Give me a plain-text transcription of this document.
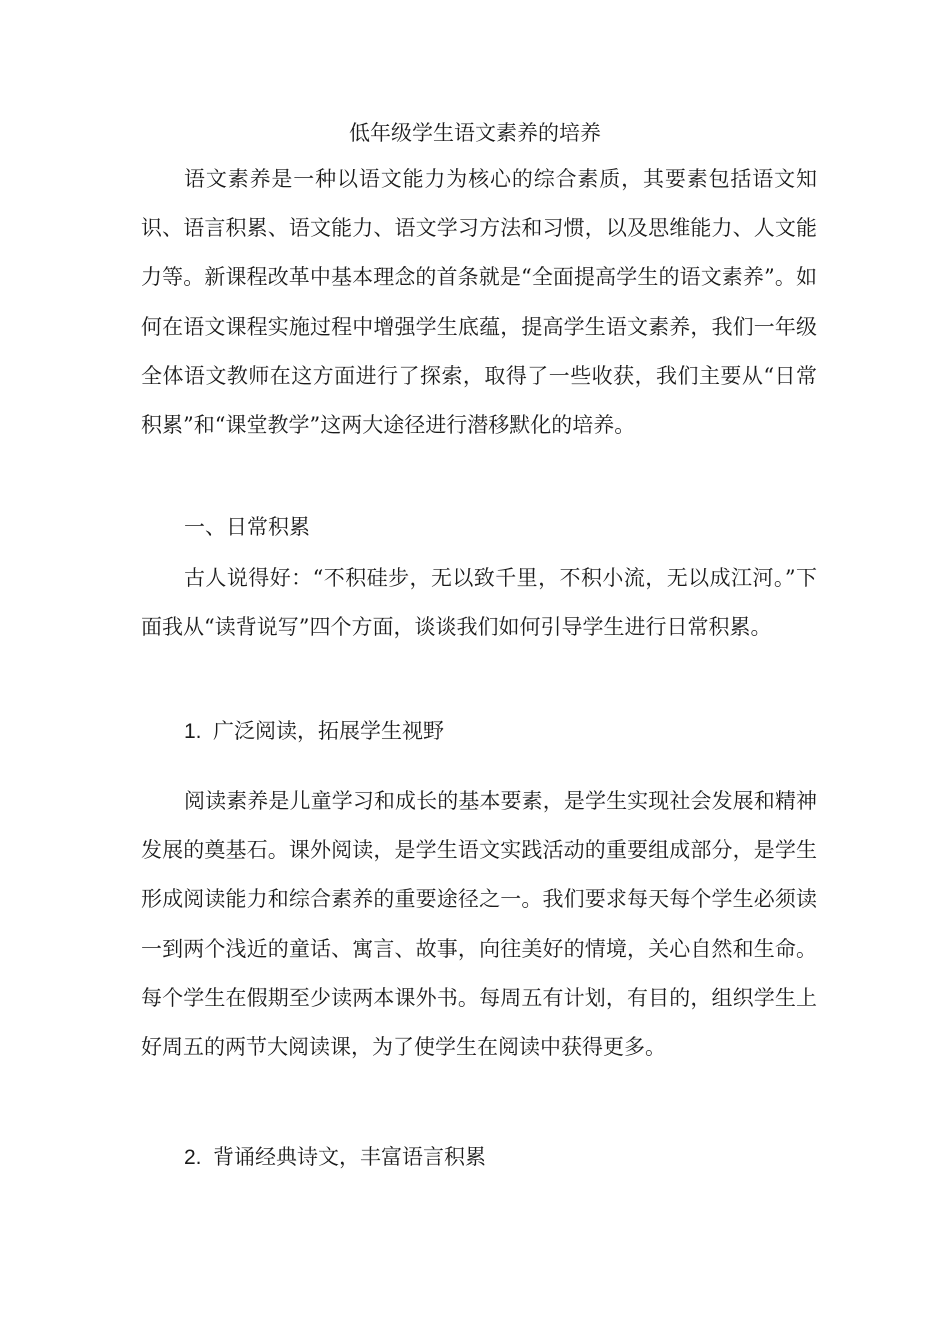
低年级学生语文素养的培养

语文素养是一种以语文能力为核心的综合素质，其要素包括语文知识、语言积累、语文能力、语文学习方法和习惯，以及思维能力、人文能力等。新课程改革中基本理念的首条就是“全面提高学生的语文素养”。如何在语文课程实施过程中增强学生底蕴，提高学生语文素养，我们一年级全体语文教师在这方面进行了探索，取得了一些收获，我们主要从“日常积累”和“课堂教学”这两大途径进行潜移默化的培养。

一、日常积累

古人说得好：“不积硅步，无以致千里，不积小流，无以成江河。”下面我从“读背说写”四个方面，谈谈我们如何引导学生进行日常积累。

1. 广泛阅读，拓展学生视野

阅读素养是儿童学习和成长的基本要素，是学生实现社会发展和精神发展的奠基石。课外阅读，是学生语文实践活动的重要组成部分，是学生形成阅读能力和综合素养的重要途径之一。我们要求每天每个学生必须读一到两个浅近的童话、寓言、故事，向往美好的情境，关心自然和生命。每个学生在假期至少读两本课外书。每周五有计划，有目的，组织学生上好周五的两节大阅读课，为了使学生在阅读中获得更多。

2. 背诵经典诗文，丰富语言积累
